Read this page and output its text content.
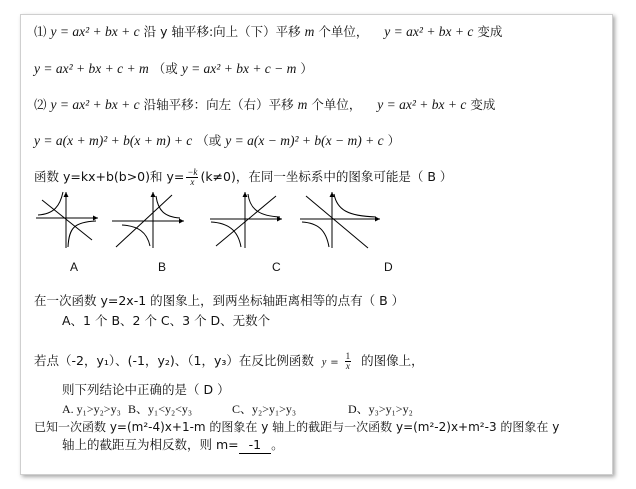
⑴ y = ax² + bx + c 沿 y 轴平移:向上（下）平移 m 个单位， y = ax² + bx + c 变成
y = ax² + bx + c + m （或 y = ax² + bx + c − m ）
⑵ y = ax² + bx + c 沿轴平移：向左（右）平移 m 个单位， y = ax² + bx + c 变成
y = a(x + m)² + b(x + m) + c （或 y = a(x − m)² + b(x − m) + c ）
函数 y=kx+b(b>0)和 $y= \frac{-k}{x} (k\ne 0)$，在同一坐标系中的图象可能是（ B ）
A	B	C	D
在一次函数 y=2x-1 的图象上，到两坐标轴距离相等的点有（ B ）
A、1 个 B、2 个 C、3 个 D、无数个
若点（-2，y₁）、(-1，y₂)、（1，y₃）在反比例函数 $y = \frac{1}{x}$ 的图像上，
则下列结论中正确的是（ D ）
A. y₁>y₂>y₃ B、y₁<y₂<y₃	C、y₂>y₁>y₃	D、y₃>y₁>y₂
已知一次函数 y=(m²-4)x+1-m 的图象在 y 轴上的截距与一次函数 y=(m²-2)x+m²-3 的图象在 y
轴上的截距互为相反数，则 m= -1 。
